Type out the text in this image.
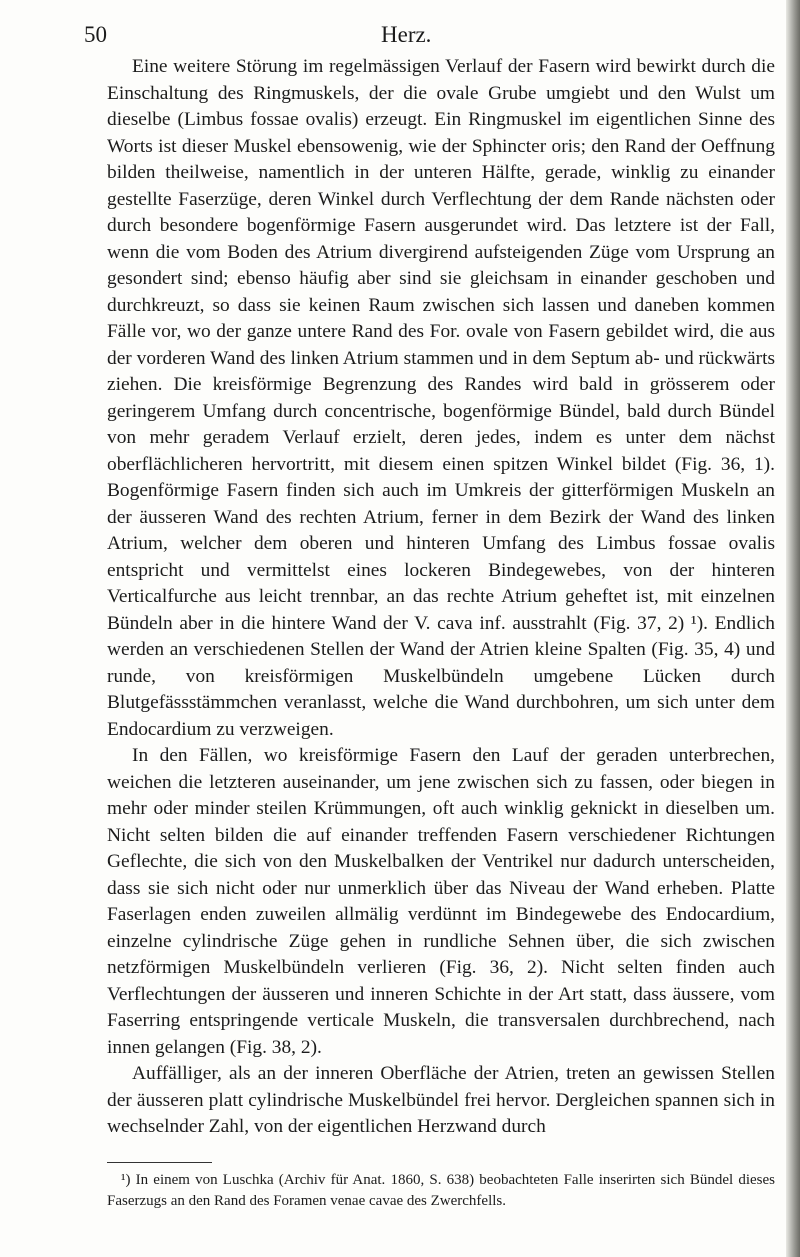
50	Herz.

Eine weitere Störung im regelmässigen Verlauf der Fasern wird bewirkt durch die Einschaltung des Ringmuskels, der die ovale Grube umgiebt und den Wulst um dieselbe (Limbus fossae ovalis) erzeugt. Ein Ringmuskel im eigentlichen Sinne des Worts ist dieser Muskel ebensowenig, wie der Sphincter oris; den Rand der Oeffnung bilden theilweise, namentlich in der unteren Hälfte, gerade, winklig zu einander gestellte Faserzüge, deren Winkel durch Verflechtung der dem Rande nächsten oder durch besondere bogenförmige Fasern ausgerundet wird. Das letztere ist der Fall, wenn die vom Boden des Atrium divergirend aufsteigenden Züge vom Ursprung an gesondert sind; ebenso häufig aber sind sie gleichsam in einander geschoben und durchkreuzt, so dass sie keinen Raum zwischen sich lassen und daneben kommen Fälle vor, wo der ganze untere Rand des For. ovale von Fasern gebildet wird, die aus der vorderen Wand des linken Atrium stammen und in dem Septum ab- und rückwärts ziehen. Die kreisförmige Begrenzung des Randes wird bald in grösserem oder geringerem Umfang durch concentrische, bogenförmige Bündel, bald durch Bündel von mehr geradem Verlauf erzielt, deren jedes, indem es unter dem nächst oberflächlicheren hervortritt, mit diesem einen spitzen Winkel bildet (Fig. 36, 1). Bogenförmige Fasern finden sich auch im Umkreis der gitterförmigen Muskeln an der äusseren Wand des rechten Atrium, ferner in dem Bezirk der Wand des linken Atrium, welcher dem oberen und hinteren Umfang des Limbus fossae ovalis entspricht und vermittelst eines lockeren Bindegewebes, von der hinteren Verticalfurche aus leicht trennbar, an das rechte Atrium geheftet ist, mit einzelnen Bündeln aber in die hintere Wand der V. cava inf. ausstrahlt (Fig. 37, 2) ¹). Endlich werden an verschiedenen Stellen der Wand der Atrien kleine Spalten (Fig. 35, 4) und runde, von kreisförmigen Muskelbündeln umgebene Lücken durch Blutgefässstämmchen veranlasst, welche die Wand durchbohren, um sich unter dem Endocardium zu verzweigen.

In den Fällen, wo kreisförmige Fasern den Lauf der geraden unterbrechen, weichen die letzteren auseinander, um jene zwischen sich zu fassen, oder biegen in mehr oder minder steilen Krümmungen, oft auch winklig geknickt in dieselben um. Nicht selten bilden die auf einander treffenden Fasern verschiedener Richtungen Geflechte, die sich von den Muskelbalken der Ventrikel nur dadurch unterscheiden, dass sie sich nicht oder nur unmerklich über das Niveau der Wand erheben. Platte Faserlagen enden zuweilen allmälig verdünnt im Bindegewebe des Endocardium, einzelne cylindrische Züge gehen in rundliche Sehnen über, die sich zwischen netzförmigen Muskelbündeln verlieren (Fig. 36, 2). Nicht selten finden auch Verflechtungen der äusseren und inneren Schichte in der Art statt, dass äussere, vom Faserring entspringende verticale Muskeln, die transversalen durchbrechend, nach innen gelangen (Fig. 38, 2).

Auffälliger, als an der inneren Oberfläche der Atrien, treten an gewissen Stellen der äusseren platt cylindrische Muskelbündel frei hervor. Dergleichen spannen sich in wechselnder Zahl, von der eigentlichen Herzwand durch

¹) In einem von Luschka (Archiv für Anat. 1860, S. 638) beobachteten Falle inserirten sich Bündel dieses Faserzugs an den Rand des Foramen venae cavae des Zwerchfells.
